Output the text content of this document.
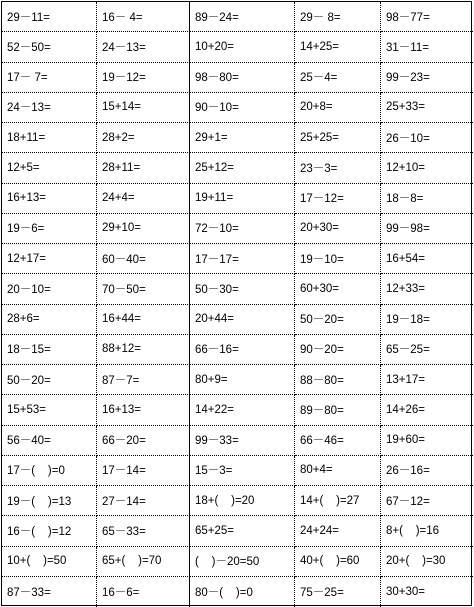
29－11=	16－ 4=	89－24=	29－ 8=	98－77=
52－50=	24－13=	10+20=	14+25=	31－11=
17－ 7=	19－12=	98－80=	25－4=	99－23=
24－13=	15+14=	90－10=	20+8=	25+33=
18+11=	28+2=	29+1=	25+25=	26－10=
12+5=	28+11=	25+12=	23－3=	12+10=
16+13=	24+4=	19+11=	17－12=	18－8=
19－6=	29+10=	72－10=	20+30=	99－98=
12+17=	60－40=	17－17=	19－10=	16+54=
20－10=	70－50=	50－30=	60+30=	12+33=
28+6=	16+44=	20+44=	50－20=	19－18=
18－15=	88+12=	66－16=	90－20=	65－25=
50－20=	87－7=	80+9=	88－80=	13+17=
15+53=	16+13=	14+22=	89－80=	14+26=
56－40=	66－20=	99－33=	66－46=	19+60=
17－(    )=0	17－14=	15－3=	80+4=	26－16=
19－(    )=13	27－14=	18+(    )=20	14+(    )=27	67－12=
16－(    )=12	65－33=	65+25=	24+24=	8+(    )=16
10+(    )=50	65+(    )=70	(    )－20=50	40+(    )=60	20+(    )=30
87－33=	16－6=	80－(    )=0	75－25=	30+30=
